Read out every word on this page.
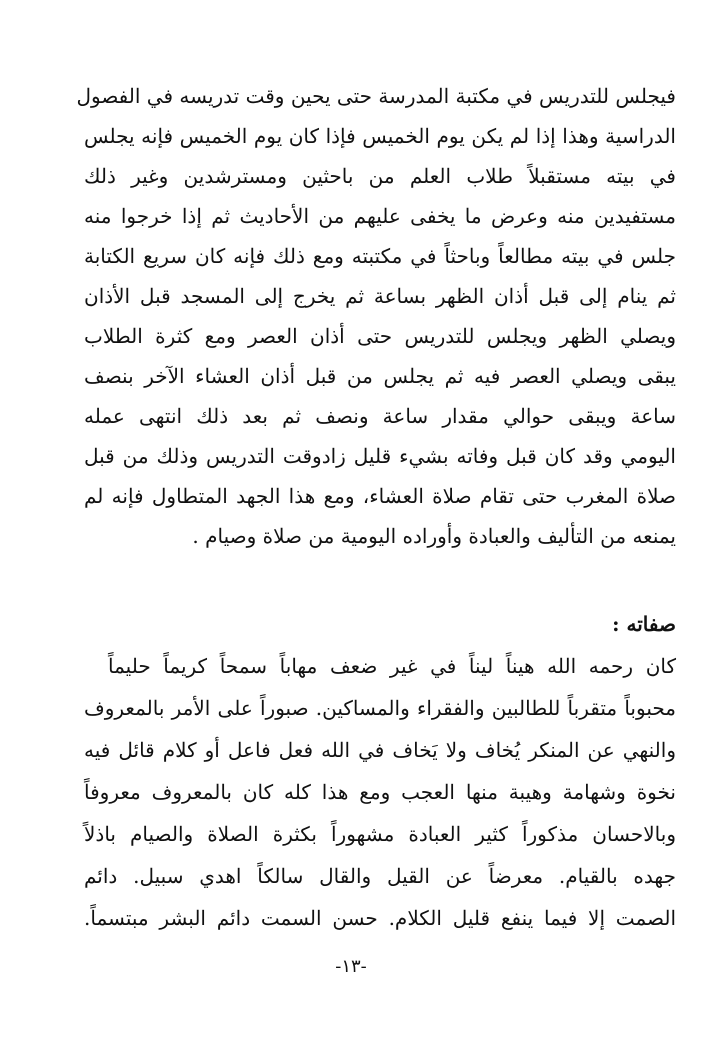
فيجلس للتدريس في مكتبة المدرسة حتى يحين وقت تدريسه في الفصول
الدراسية وهذا إذا لم يكن يوم الخميس فإذا كان يوم الخميس فإنه يجلس
في بيته مستقبلاً طلاب العلم من باحثين ومسترشدين وغير ذلك
مستفيدين منه وعرض ما يخفى عليهم من الأحاديث ثم إذا خرجوا منه
جلس في بيته مطالعاً وباحثاً في مكتبته ومع ذلك فإنه كان سريع الكتابة
ثم ينام إلى قبل أذان الظهر بساعة ثم يخرج إلى المسجد قبل الأذان
ويصلي الظهر ويجلس للتدريس حتى أذان العصر ومع كثرة الطلاب
يبقى ويصلي العصر فيه ثم يجلس من قبل أذان العشاء الآخر بنصف
ساعة ويبقى حوالي مقدار ساعة ونصف ثم بعد ذلك انتهى عمله
اليومي وقد كان قبل وفاته بشيء قليل زادوقت التدريس وذلك من قبل
صلاة المغرب حتى تقام صلاة العشاء، ومع هذا الجهد المتطاول فإنه لم
يمنعه من التأليف والعبادة وأوراده اليومية من صلاة وصيام .
صفاته :
كان رحمه الله هيناً ليناً في غير ضعف مهاباً سمحاً كريماً حليماً
محبوباً متقرباً للطالبين والفقراء والمساكين. صبوراً على الأمر بالمعروف
والنهي عن المنكر يُخاف ولا يَخاف في الله فعل فاعل أو كلام قائل فيه
نخوة وشهامة وهيبة منها العجب ومع هذا كله كان بالمعروف معروفاً
وبالاحسان مذكوراً كثير العبادة مشهوراً بكثرة الصلاة والصيام باذلاً
جهده بالقيام. معرضاً عن القيل والقال سالكاً اهدي سبيل. دائم
الصمت إلا فيما ينفع قليل الكلام. حسن السمت دائم البشر مبتسماً.
-١٣-
